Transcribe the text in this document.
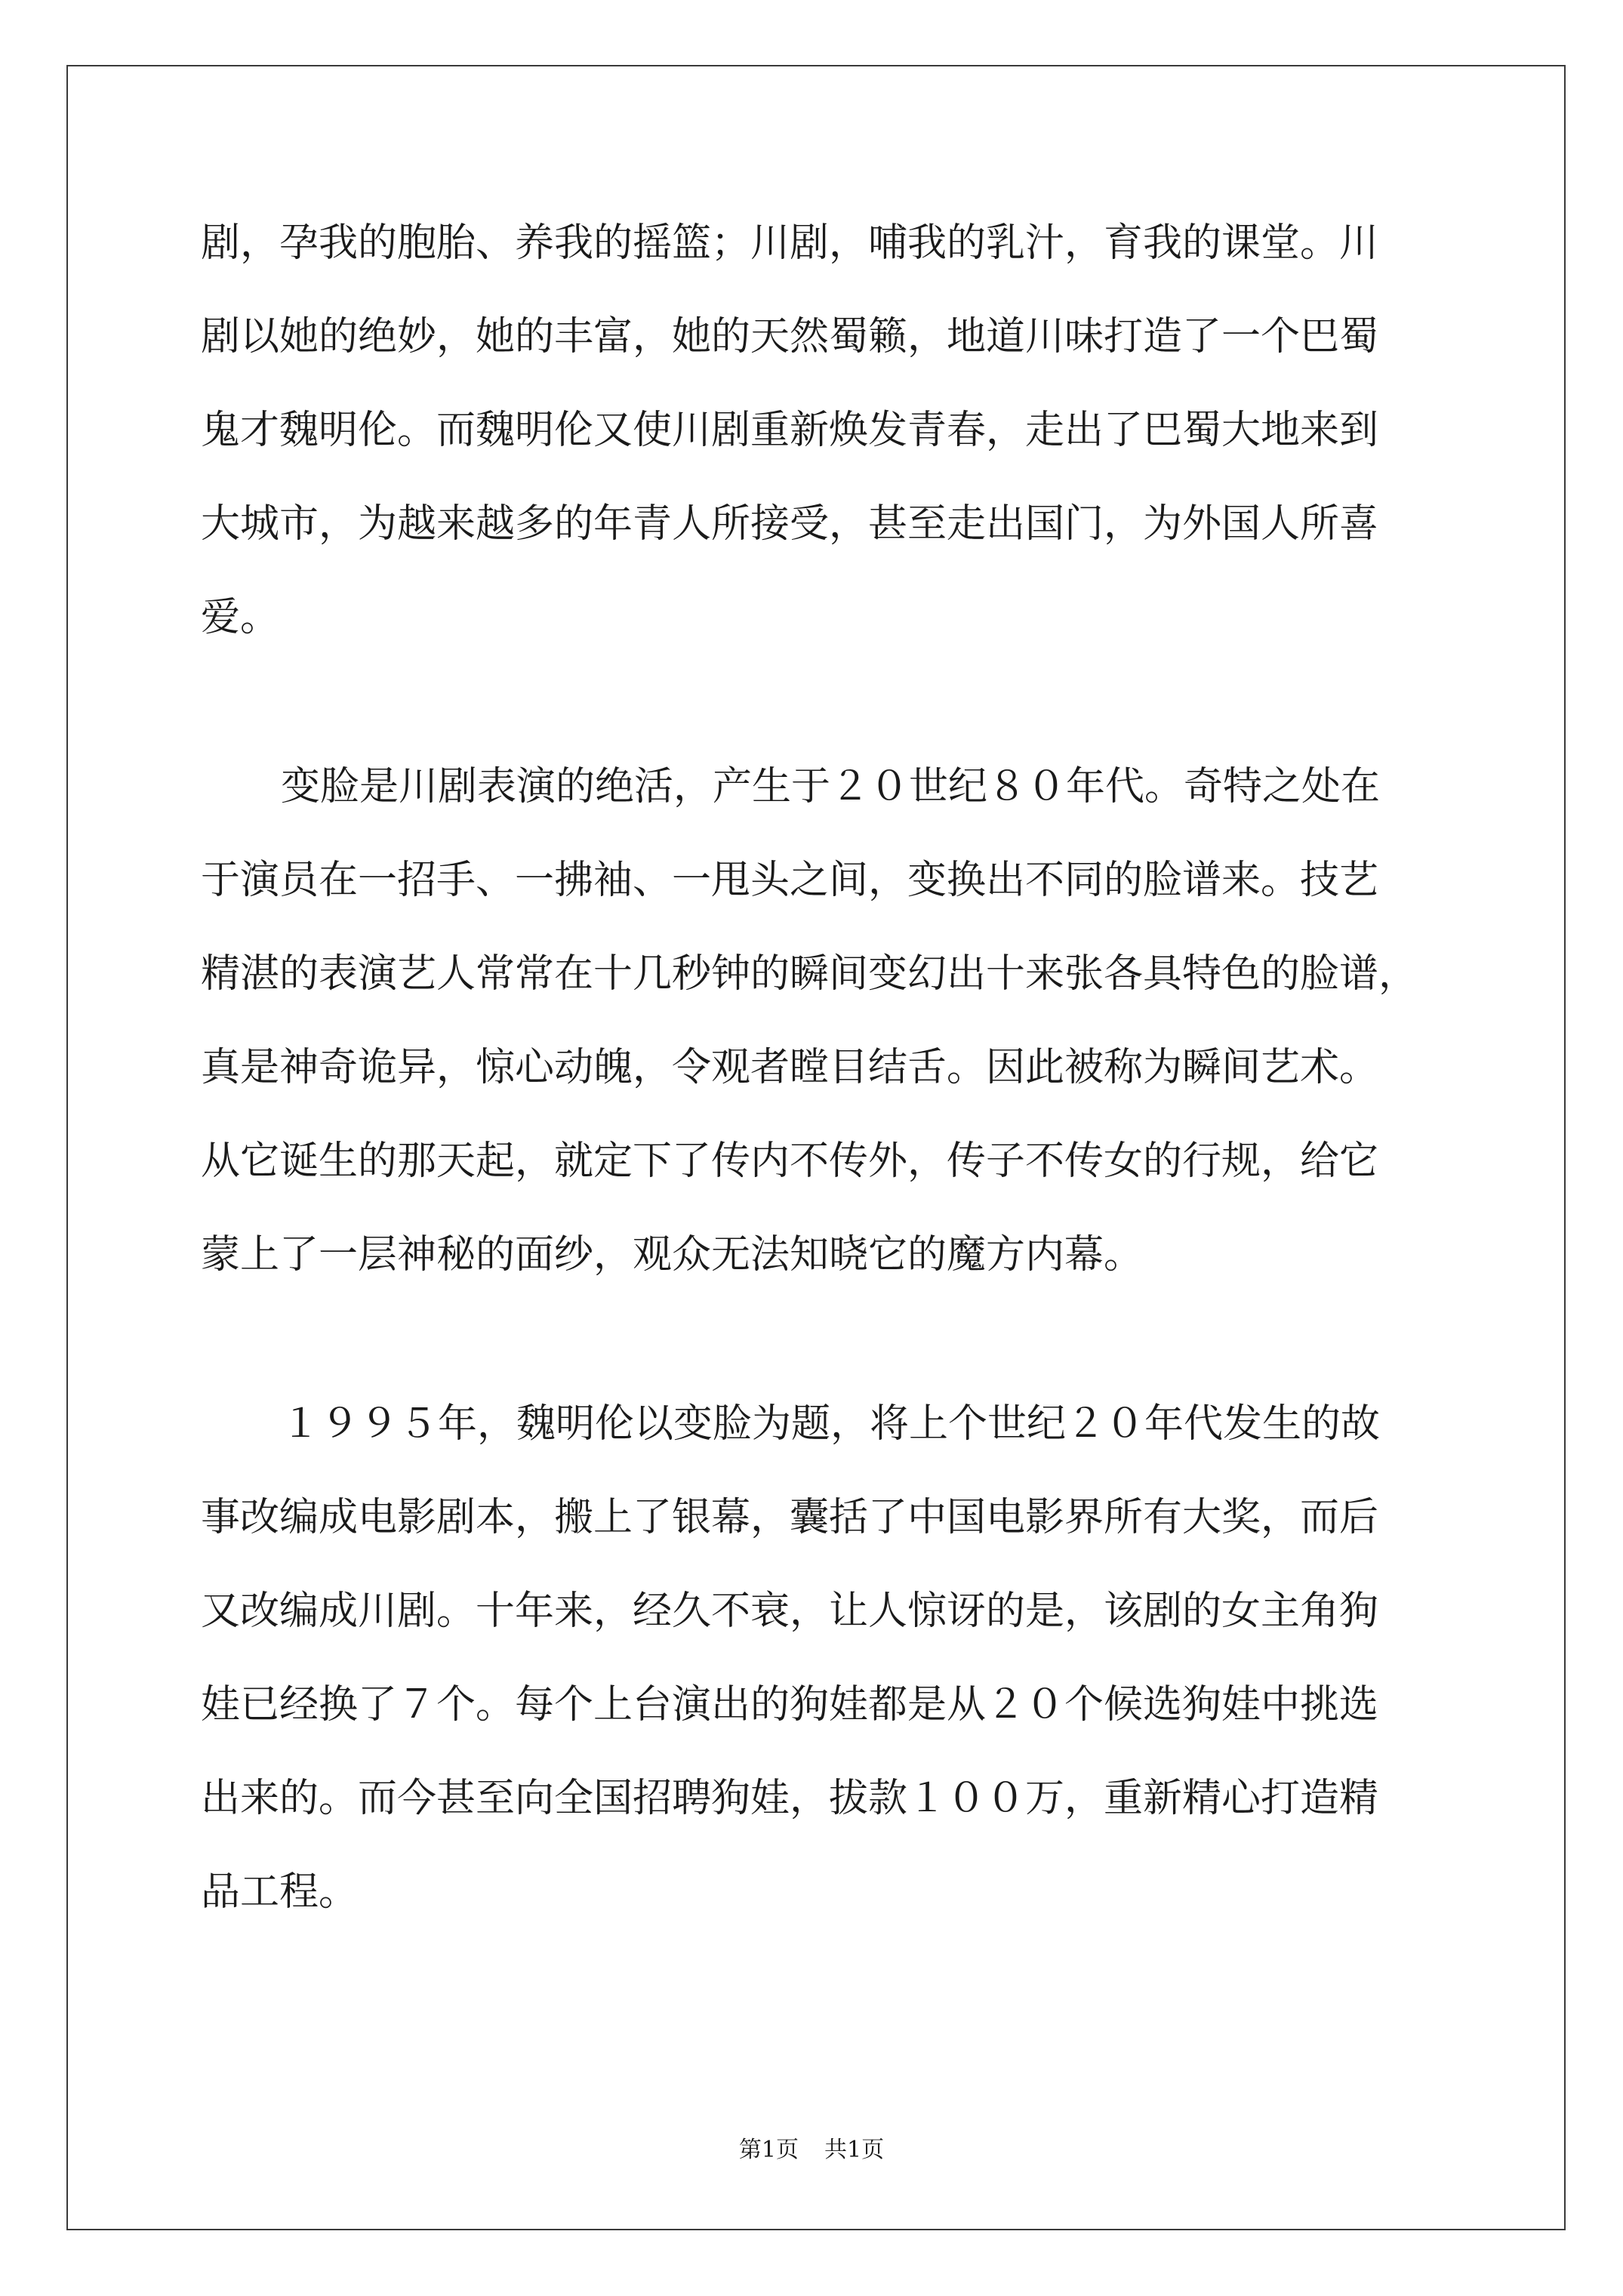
剧，孕我的胞胎、养我的摇篮；川剧，哺我的乳汁，育我的课堂。川
剧以她的绝妙，她的丰富，她的天然蜀籁，地道川味打造了一个巴蜀
鬼才魏明伦。而魏明伦又使川剧重新焕发青春，走出了巴蜀大地来到
大城市，为越来越多的年青人所接受，甚至走出国门，为外国人所喜
爱。
变脸是川剧表演的绝活，产生于２０世纪８０年代。奇特之处在
于演员在一招手、一拂袖、一甩头之间，变换出不同的脸谱来。技艺
精湛的表演艺人常常在十几秒钟的瞬间变幻出十来张各具特色的脸谱，
真是神奇诡异，惊心动魄，令观者瞠目结舌。因此被称为瞬间艺术。
从它诞生的那天起，就定下了传内不传外，传子不传女的行规，给它
蒙上了一层神秘的面纱，观众无法知晓它的魔方内幕。
１９９５年，魏明伦以变脸为题，将上个世纪２０年代发生的故
事改编成电影剧本，搬上了银幕，囊括了中国电影界所有大奖，而后
又改编成川剧。十年来，经久不衰，让人惊讶的是，该剧的女主角狗
娃已经换了７个。每个上台演出的狗娃都是从２０个候选狗娃中挑选
出来的。而今甚至向全国招聘狗娃，拔款１００万，重新精心打造精
品工程。
第1页 共1页
